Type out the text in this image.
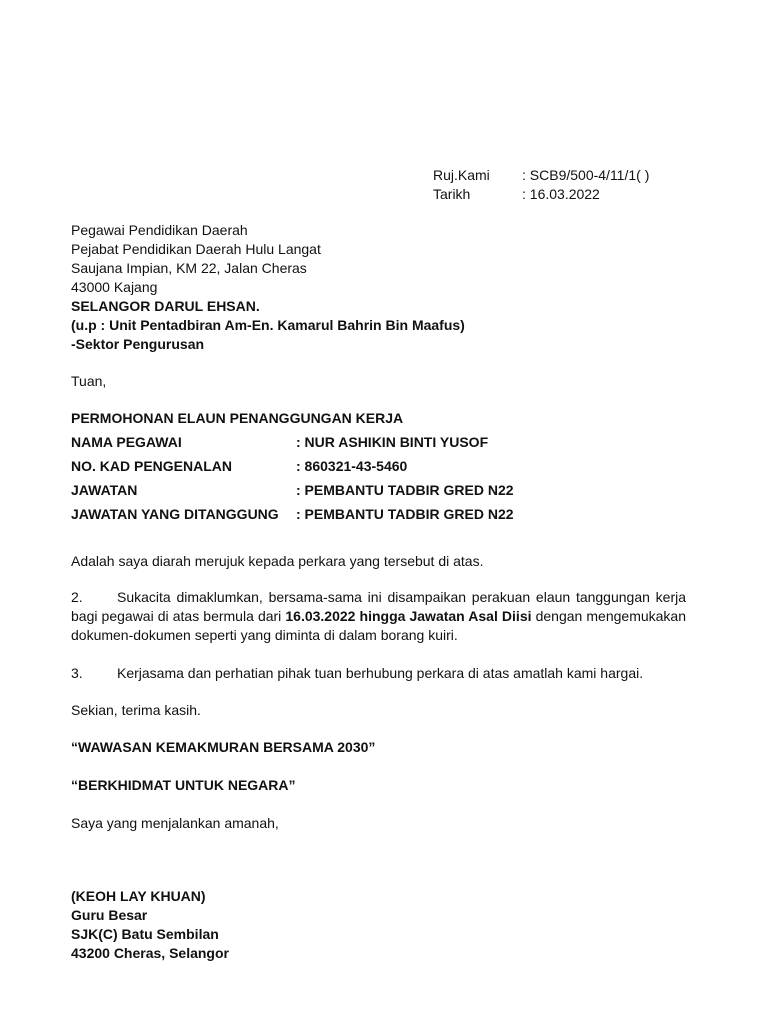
Ruj.Kami : SCB9/500-4/11/1( )
Tarikh	: 16.03.2022
Pegawai Pendidikan Daerah
Pejabat Pendidikan Daerah Hulu Langat
Saujana Impian, KM 22, Jalan Cheras
43000 Kajang
SELANGOR DARUL EHSAN.
(u.p : Unit Pentadbiran Am-En. Kamarul Bahrin Bin Maafus)
-Sektor Pengurusan
Tuan,
PERMOHONAN ELAUN PENANGGUNGAN KERJA
NAMA PEGAWAI	: NUR ASHIKIN BINTI YUSOF
NO. KAD PENGENALAN	: 860321-43-5460
JAWATAN	: PEMBANTU TADBIR GRED N22
JAWATAN YANG DITANGGUNG : PEMBANTU TADBIR GRED N22
Adalah saya diarah merujuk kepada perkara yang tersebut di atas.
2. Sukacita dimaklumkan, bersama-sama ini disampaikan perakuan elaun tanggungan kerja bagi pegawai di atas bermula dari 16.03.2022 hingga Jawatan Asal Diisi dengan mengemukakan dokumen-dokumen seperti yang diminta di dalam borang kuiri.
3. Kerjasama dan perhatian pihak tuan berhubung perkara di atas amatlah kami hargai.
Sekian, terima kasih.
“WAWASAN KEMAKMURAN BERSAMA 2030”
“BERKHIDMAT UNTUK NEGARA”
Saya yang menjalankan amanah,
(KEOH LAY KHUAN)
Guru Besar
SJK(C) Batu Sembilan
43200 Cheras, Selangor
